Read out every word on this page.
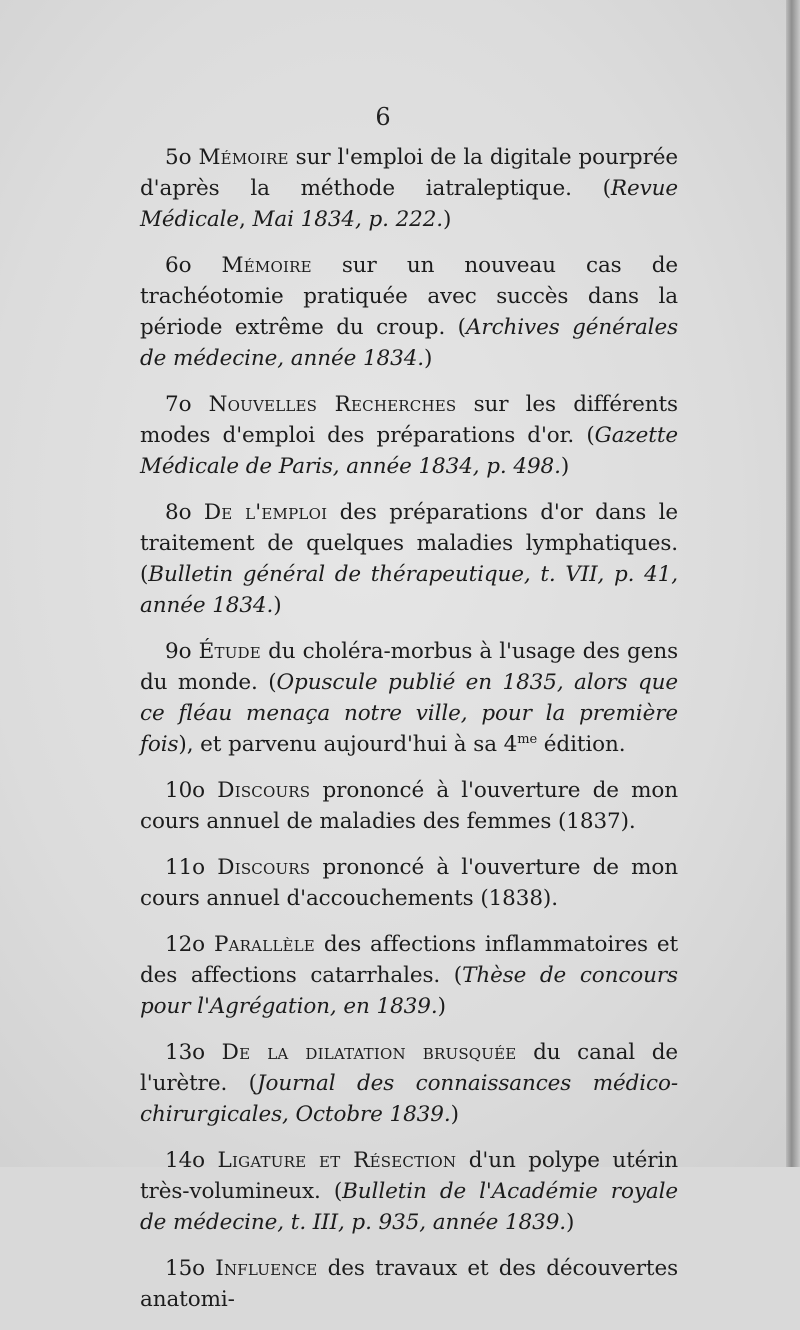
6

5o Mémoire sur l'emploi de la digitale pourprée d'après la méthode iatraleptique. (Revue Médicale, Mai 1834, p. 222.)

6o Mémoire sur un nouveau cas de trachéotomie pratiquée avec succès dans la période extrême du croup. (Archives générales de médecine, année 1834.)

7o Nouvelles Recherches sur les différents modes d'emploi des préparations d'or. (Gazette Médicale de Paris, année 1834, p. 498.)

8o De l'emploi des préparations d'or dans le traitement de quelques maladies lymphatiques. (Bulletin général de thérapeutique, t. VII, p. 41, année 1834.)

9o Étude du choléra-morbus à l'usage des gens du monde. (Opuscule publié en 1835, alors que ce fléau menaça notre ville, pour la première fois), et parvenu aujourd'hui à sa $4^{me}$ édition.

10o Discours prononcé à l'ouverture de mon cours annuel de maladies des femmes (1837).

11o Discours prononcé à l'ouverture de mon cours annuel d'accouchements (1838).

12o Parallèle des affections inflammatoires et des affections catarrhales. (Thèse de concours pour l'Agrégation, en 1839.)

13o De la dilatation brusquée du canal de l'urètre. (Journal des connaissances médico-chirurgicales, Octobre 1839.)

14o Ligature et Résection d'un polype utérin très-volumineux. (Bulletin de l'Académie royale de médecine, t. III, p. 935, année 1839.)

15o Influence des travaux et des découvertes anatomi-
